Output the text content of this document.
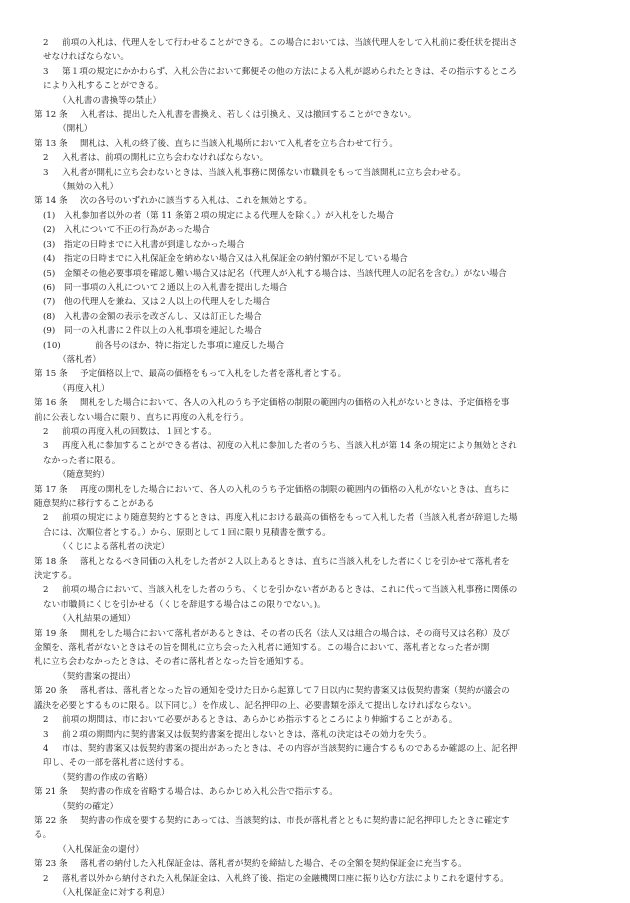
2	前項の入札は、代理人をして行わせることができる。この場合においては、当該代理人をして入札前に委任状を提出さ
せなければならない。
3	第１項の規定にかかわらず、入札公告において郵便その他の方法による入札が認められたときは、その指示するところ
により入札することができる。
（入札書の書換等の禁止）
第 12 条	入札者は、提出した入札書を書換え、若しくは引換え、又は撤回することができない。
（開札）
第 13 条	開札は、入札の終了後、直ちに当該入札場所において入札者を立ち合わせて行う。
2	入札者は、前項の開札に立ち会わなければならない。
3	入札者が開札に立ち会わないときは、当該入札事務に関係ない市職員をもって当該開札に立ち会わせる。
（無効の入札）
第 14 条	次の各号のいずれかに該当する入札は、これを無効とする。
(1)	入札参加者以外の者（第 11 条第２項の規定による代理人を除く。）が入札をした場合
(2)	入札について不正の行為があった場合
(3)	指定の日時までに入札書が到達しなかった場合
(4)	指定の日時までに入札保証金を納めない場合又は入札保証金の納付額が不足している場合
(5)	金額その他必要事項を確認し難い場合又は記名（代理人が入札する場合は、当該代理人の記名を含む。）がない場合
(6)	同一事項の入札について２通以上の入札書を提出した場合
(7)	他の代理人を兼ね、又は２人以上の代理人をした場合
(8)	入札書の金額の表示を改ざんし、又は訂正した場合
(9)	同一の入札書に２件以上の入札事項を連記した場合
(10)	前各号のほか、特に指定した事項に違反した場合
（落札者）
第 15 条	予定価格以上で、最高の価格をもって入札をした者を落札者とする。
（再度入札）
第 16 条	開札をした場合において、各人の入札のうち予定価格の制限の範囲内の価格の入札がないときは、予定価格を事
前に公表しない場合に限り、直ちに再度の入札を行う。
2	前項の再度入札の回数は、１回とする。
3	再度入札に参加することができる者は、初度の入札に参加した者のうち、当該入札が第 14 条の規定により無効とされ
なかった者に限る。
（随意契約）
第 17 条	再度の開札をした場合において、各人の入札のうち予定価格の制限の範囲内の価格の入札がないときは、直ちに
随意契約に移行することがある
2	前項の規定により随意契約とするときは、再度入札における最高の価格をもって入札した者（当該入札者が辞退した場
合には、次順位者とする。）から、原則として１回に限り見積書を徴する。
（くじによる落札者の決定）
第 18 条	落札となるべき同価の入札をした者が２人以上あるときは、直ちに当該入札をした者にくじを引かせて落札者を
決定する。
2	前項の場合において、当該入札をした者のうち、くじを引かない者があるときは、これに代って当該入札事務に関係の
ない市職員にくじを引かせる（くじを辞退する場合はこの限りでない。)。
（入札結果の通知）
第 19 条	開札をした場合において落札者があるときは、その者の氏名（法人又は組合の場合は、その商号又は名称）及び
金額を、落札者がないときはその旨を開札に立ち会った入札者に通知する。この場合において、落札者となった者が開
札に立ち会わなかったときは、その者に落札者となった旨を通知する。
（契約書案の提出）
第 20 条	落札者は、落札者となった旨の通知を受けた日から起算して７日以内に契約書案又は仮契約書案（契約が議会の
議決を必要とするものに限る。以下同じ。）を作成し、記名押印の上、必要書類を添えて提出しなければならない。
2	前項の期間は、市において必要があるときは、あらかじめ指示するところにより伸縮することがある。
3	前２項の期間内に契約書案又は仮契約書案を提出しないときは、落札の決定はその効力を失う。
4	市は、契約書案又は仮契約書案の提出があったときは、その内容が当該契約に適合するものであるか確認の上、記名押
印し、その一部を落札者に送付する。
（契約書の作成の省略）
第 21 条	契約書の作成を省略する場合は、あらかじめ入札公告で指示する。
（契約の確定）
第 22 条	契約書の作成を要する契約にあっては、当該契約は、市長が落札者とともに契約書に記名押印したときに確定す
る。
（入札保証金の還付）
第 23 条	落札者の納付した入札保証金は、落札者が契約を締結した場合、その全額を契約保証金に充当する。
2	落札者以外から納付された入札保証金は、入札終了後、指定の金融機関口座に振り込む方法によりこれを還付する。
（入札保証金に対する利息）
